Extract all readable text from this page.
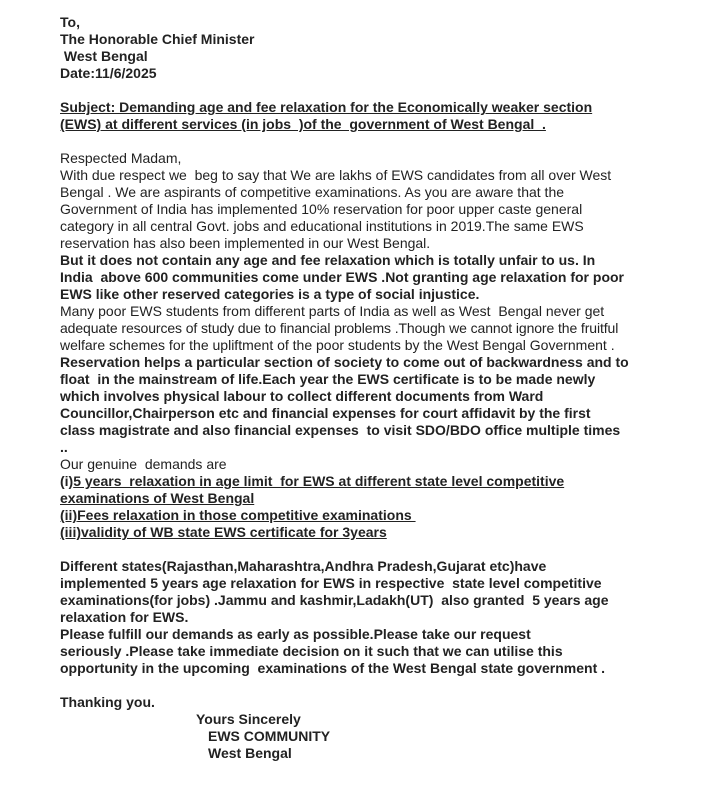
To,
The Honorable Chief Minister
West Bengal
Date:11/6/2025
Subject: Demanding age and fee relaxation for the Economically weaker section
(EWS) at different services (in jobs  )of the  government of West Bengal  .
Respected Madam,
With due respect we  beg to say that We are lakhs of EWS candidates from all over West
Bengal . We are aspirants of competitive examinations. As you are aware that the
Government of India has implemented 10% reservation for poor upper caste general
category in all central Govt. jobs and educational institutions in 2019.The same EWS
reservation has also been implemented in our West Bengal.
But it does not contain any age and fee relaxation which is totally unfair to us. In
India  above 600 communities come under EWS .Not granting age relaxation for poor
EWS like other reserved categories is a type of social injustice.
Many poor EWS students from different parts of India as well as West  Bengal never get
adequate resources of study due to financial problems .Though we cannot ignore the fruitful
welfare schemes for the upliftment of the poor students by the West Bengal Government .
Reservation helps a particular section of society to come out of backwardness and to
float  in the mainstream of life.Each year the EWS certificate is to be made newly
which involves physical labour to collect different documents from Ward
Councillor,Chairperson etc and financial expenses for court affidavit by the first
class magistrate and also financial expenses  to visit SDO/BDO office multiple times
..
Our genuine  demands are
(i)5 years  relaxation in age limit  for EWS at different state level competitive
examinations of West Bengal
(ii)Fees relaxation in those competitive examinations
(iii)validity of WB state EWS certificate for 3years
Different states(Rajasthan,Maharashtra,Andhra Pradesh,Gujarat etc)have
implemented 5 years age relaxation for EWS in respective  state level competitive
examinations(for jobs) .Jammu and kashmir,Ladakh(UT)  also granted  5 years age
relaxation for EWS.
Please fulfill our demands as early as possible.Please take our request
seriously .Please take immediate decision on it such that we can utilise this
opportunity in the upcoming  examinations of the West Bengal state government .
Thanking you.
Yours Sincerely
EWS COMMUNITY
West Bengal
